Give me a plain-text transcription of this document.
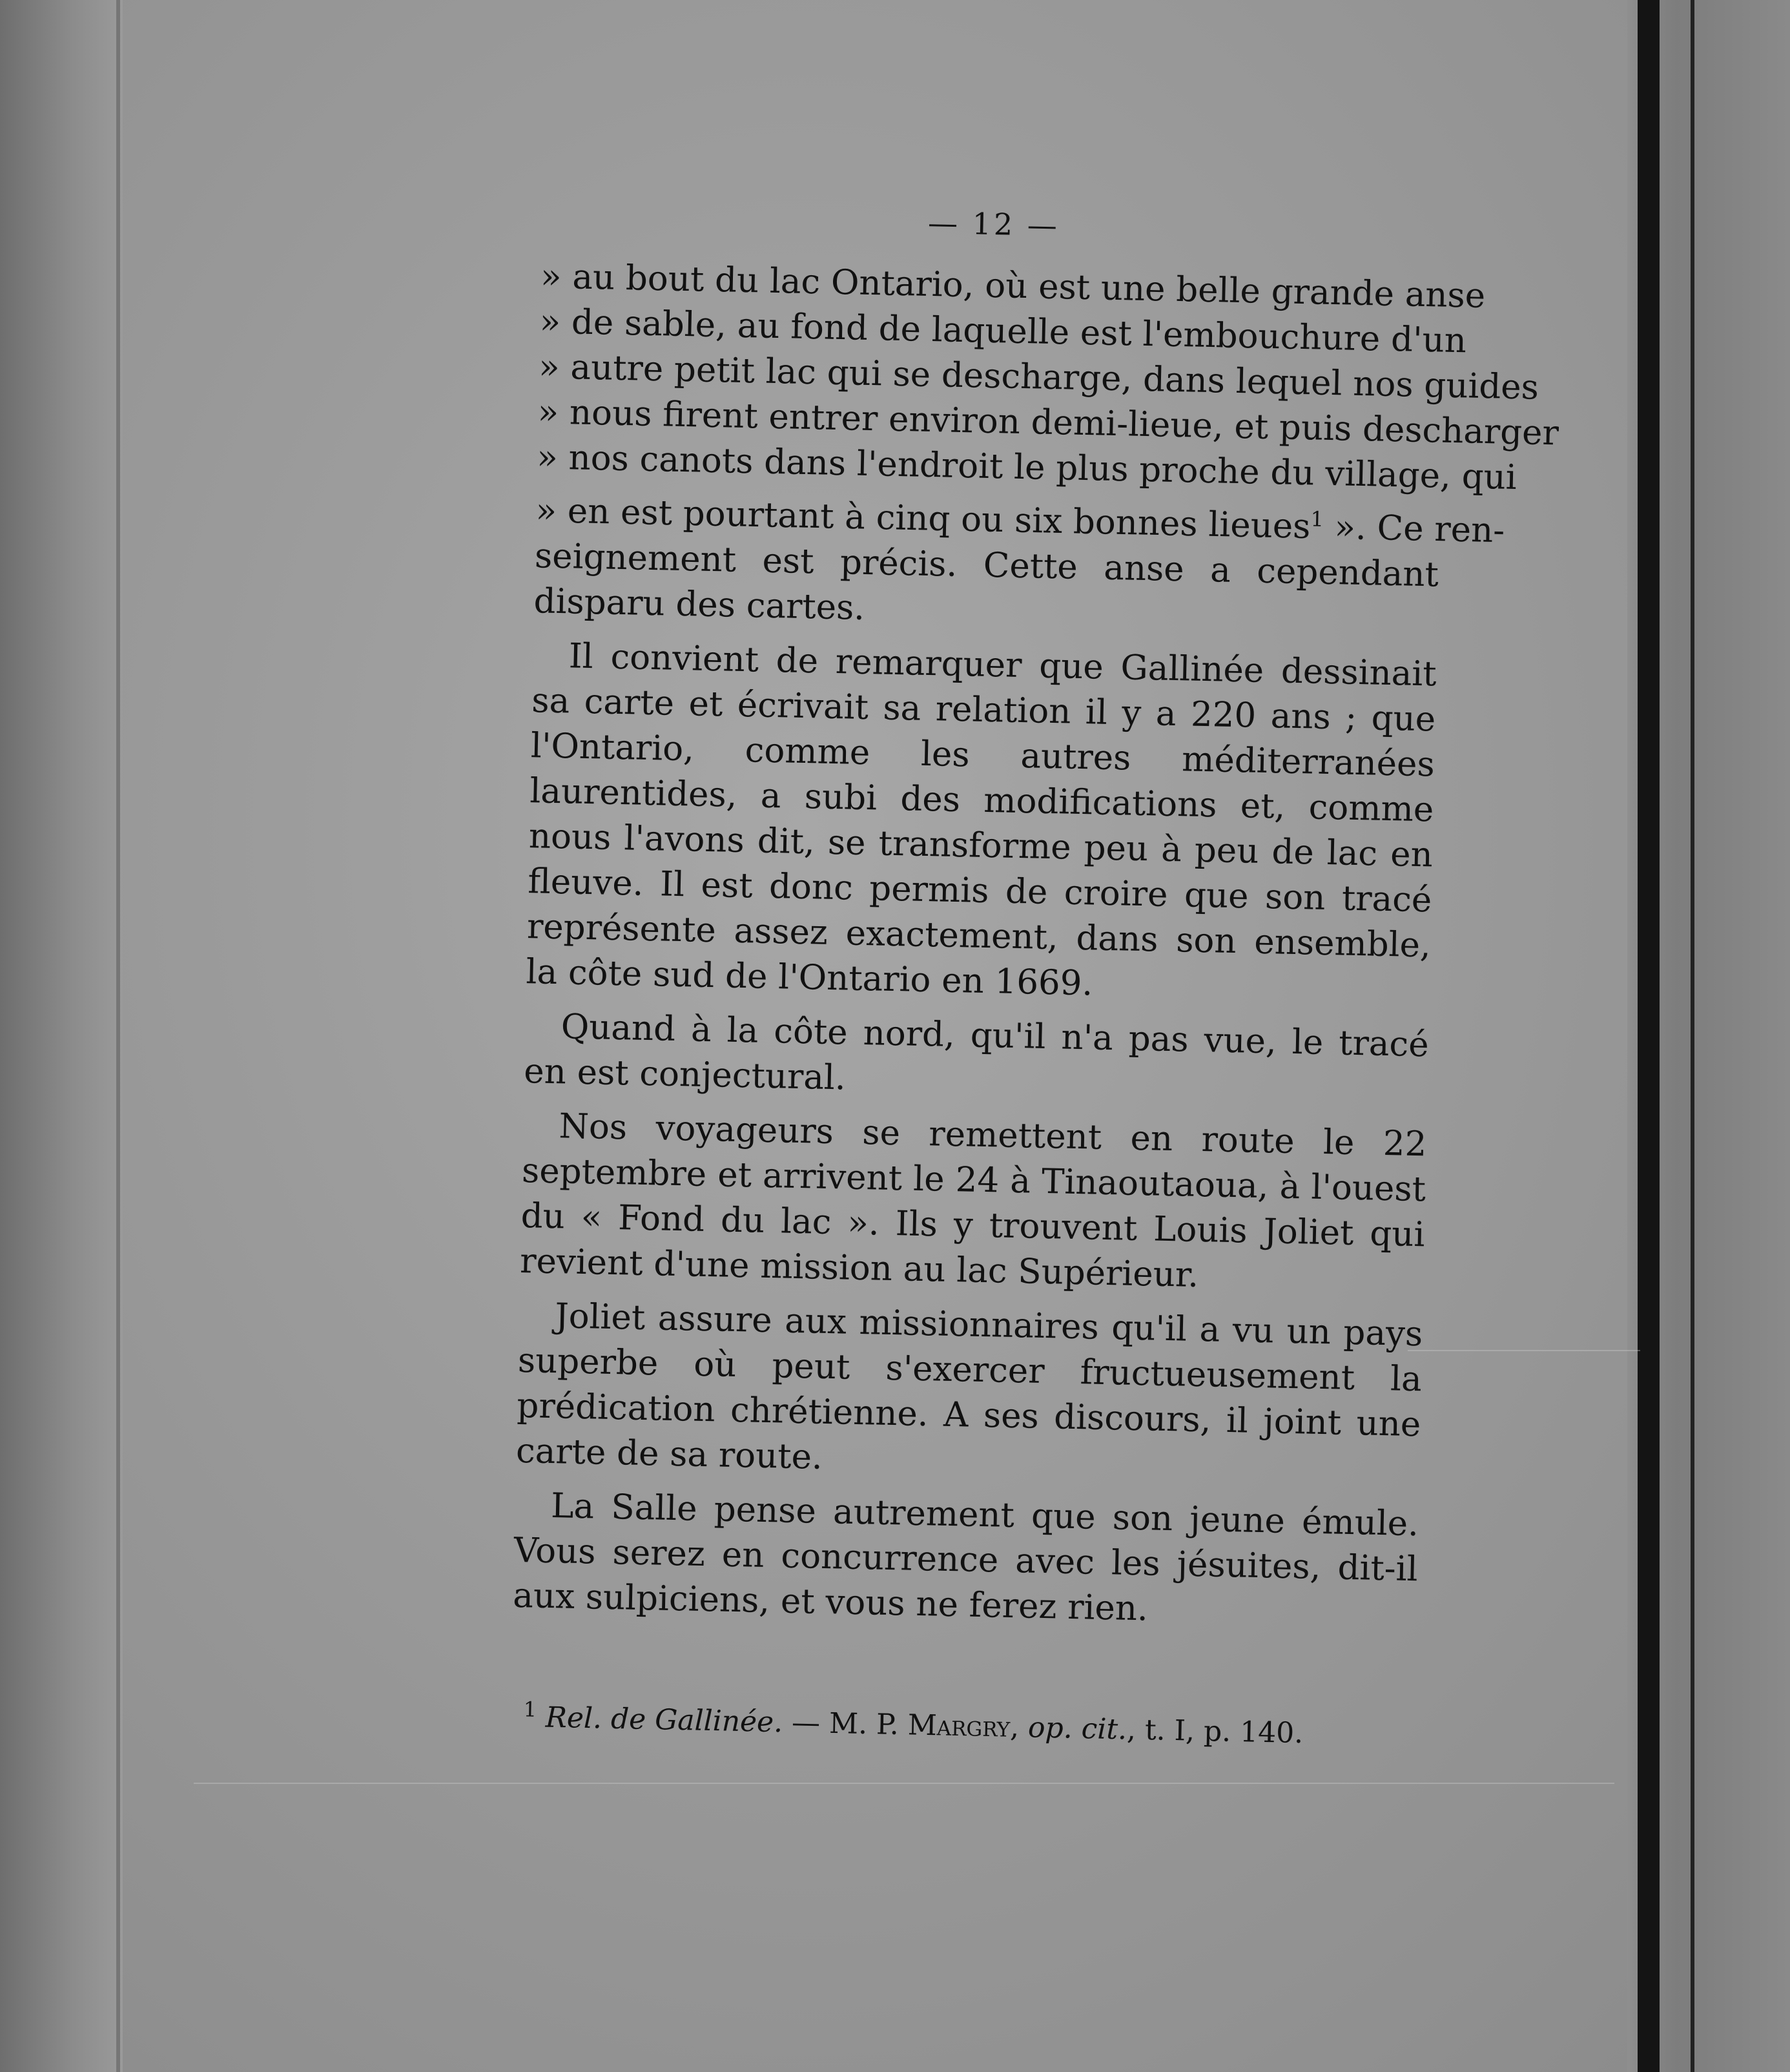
— 12 —
» au bout du lac Ontario, où est une belle grande anse
» de sable, au fond de laquelle est l'embouchure d'un
» autre petit lac qui se descharge, dans lequel nos guides
» nous firent entrer environ demi-lieue, et puis descharger
» nos canots dans l'endroit le plus proche du village, qui
» en est pourtant à cinq ou six bonnes lieues$^1$ ». Ce ren-

seignement est précis. Cette anse a cependant disparu des cartes.

Il convient de remarquer que Gallinée dessinait sa carte et écrivait sa relation il y a 220 ans ; que l'Ontario, comme les autres méditerranées laurentides, a subi des modifications et, comme nous l'avons dit, se transforme peu à peu de lac en fleuve. Il est donc permis de croire que son tracé représente assez exactement, dans son ensemble, la côte sud de l'Ontario en 1669.

Quand à la côte nord, qu'il n'a pas vue, le tracé en est conjectural.

Nos voyageurs se remettent en route le 22 septembre et arrivent le 24 à Tinaoutaoua, à l'ouest du « Fond du lac ». Ils y trouvent Louis Joliet qui revient d'une mission au lac Supérieur.

Joliet assure aux missionnaires qu'il a vu un pays superbe où peut s'exercer fructueusement la prédication chrétienne. A ses discours, il joint une carte de sa route.

La Salle pense autrement que son jeune émule. Vous serez en concurrence avec les jésuites, dit-il aux sulpiciens, et vous ne ferez rien.

$^1$ Rel. de Gallinée. — M. P. Margry, op. cit., t. I, p. 140.
